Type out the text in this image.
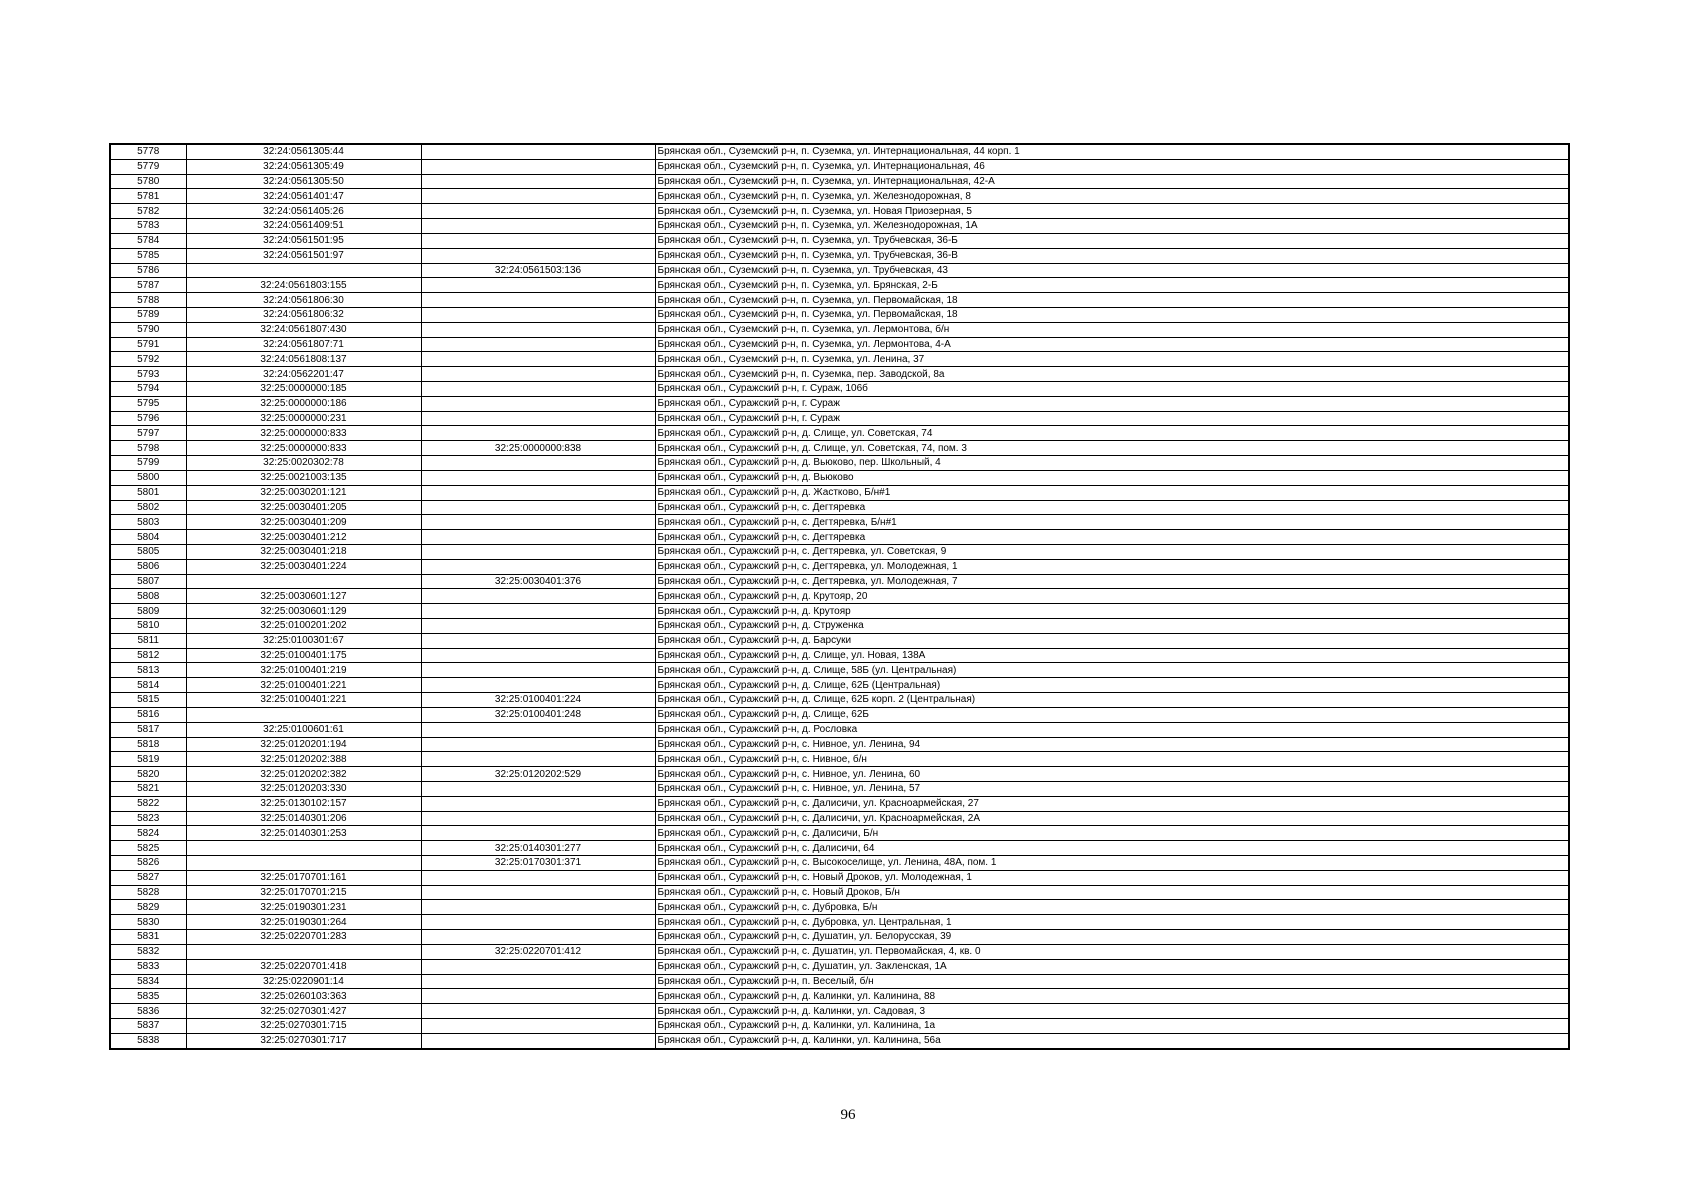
5778	32:24:0561305:44		Брянская обл., Суземский р-н, п. Суземка, ул. Интернациональная, 44 корп. 1
5779	32:24:0561305:49		Брянская обл., Суземский р-н, п. Суземка, ул. Интернациональная, 46
5780	32:24:0561305:50		Брянская обл., Суземский р-н, п. Суземка, ул. Интернациональная, 42-А
5781	32:24:0561401:47		Брянская обл., Суземский р-н, п. Суземка, ул. Железнодорожная, 8
5782	32:24:0561405:26		Брянская обл., Суземский р-н, п. Суземка, ул. Новая Приозерная, 5
5783	32:24:0561409:51		Брянская обл., Суземский р-н, п. Суземка, ул. Железнодорожная, 1А
5784	32:24:0561501:95		Брянская обл., Суземский р-н, п. Суземка, ул. Трубчевская, 36-Б
5785	32:24:0561501:97		Брянская обл., Суземский р-н, п. Суземка, ул. Трубчевская, 36-В
5786		32:24:0561503:136	Брянская обл., Суземский р-н, п. Суземка, ул. Трубчевская, 43
5787	32:24:0561803:155		Брянская обл., Суземский р-н, п. Суземка, ул. Брянская, 2-Б
5788	32:24:0561806:30		Брянская обл., Суземский р-н, п. Суземка, ул. Первомайская, 18
5789	32:24:0561806:32		Брянская обл., Суземский р-н, п. Суземка, ул. Первомайская, 18
5790	32:24:0561807:430		Брянская обл., Суземский р-н, п. Суземка, ул. Лермонтова, б/н
5791	32:24:0561807:71		Брянская обл., Суземский р-н, п. Суземка, ул. Лермонтова, 4-А
5792	32:24:0561808:137		Брянская обл., Суземский р-н, п. Суземка, ул. Ленина, 37
5793	32:24:0562201:47		Брянская обл., Суземский р-н, п. Суземка, пер. Заводской, 8а
5794	32:25:0000000:185		Брянская обл., Суражский р-н, г. Сураж, 106б
5795	32:25:0000000:186		Брянская обл., Суражский р-н, г. Сураж
5796	32:25:0000000:231		Брянская обл., Суражский р-н, г. Сураж
5797	32:25:0000000:833		Брянская обл., Суражский р-н, д. Слище, ул. Советская, 74
5798	32:25:0000000:833	32:25:0000000:838	Брянская обл., Суражский р-н, д. Слище, ул. Советская, 74, пом. 3
5799	32:25:0020302:78		Брянская обл., Суражский р-н, д. Вьюково, пер. Школьный, 4
5800	32:25:0021003:135		Брянская обл., Суражский р-н, д. Вьюково
5801	32:25:0030201:121		Брянская обл., Суражский р-н, д. Жастково, Б/н#1
5802	32:25:0030401:205		Брянская обл., Суражский р-н, с. Дегтяревка
5803	32:25:0030401:209		Брянская обл., Суражский р-н, с. Дегтяревка, Б/н#1
5804	32:25:0030401:212		Брянская обл., Суражский р-н, с. Дегтяревка
5805	32:25:0030401:218		Брянская обл., Суражский р-н, с. Дегтяревка, ул. Советская, 9
5806	32:25:0030401:224		Брянская обл., Суражский р-н, с. Дегтяревка, ул. Молодежная, 1
5807		32:25:0030401:376	Брянская обл., Суражский р-н, с. Дегтяревка, ул. Молодежная, 7
5808	32:25:0030601:127		Брянская обл., Суражский р-н, д. Крутояр, 20
5809	32:25:0030601:129		Брянская обл., Суражский р-н, д. Крутояр
5810	32:25:0100201:202		Брянская обл., Суражский р-н, д. Струженка
5811	32:25:0100301:67		Брянская обл., Суражский р-н, д. Барсуки
5812	32:25:0100401:175		Брянская обл., Суражский р-н, д. Слище, ул. Новая, 138А
5813	32:25:0100401:219		Брянская обл., Суражский р-н, д. Слище, 58Б (ул. Центральная)
5814	32:25:0100401:221		Брянская обл., Суражский р-н, д. Слище, 62Б (Центральная)
5815	32:25:0100401:221	32:25:0100401:224	Брянская обл., Суражский р-н, д. Слище, 62Б корп. 2 (Центральная)
5816		32:25:0100401:248	Брянская обл., Суражский р-н, д. Слище, 62Б
5817	32:25:0100601:61		Брянская обл., Суражский р-н, д. Рословка
5818	32:25:0120201:194		Брянская обл., Суражский р-н, с. Нивное, ул. Ленина, 94
5819	32:25:0120202:388		Брянская обл., Суражский р-н, с. Нивное, б/н
5820	32:25:0120202:382	32:25:0120202:529	Брянская обл., Суражский р-н, с. Нивное, ул. Ленина, 60
5821	32:25:0120203:330		Брянская обл., Суражский р-н, с. Нивное, ул. Ленина, 57
5822	32:25:0130102:157		Брянская обл., Суражский р-н, с. Далисичи, ул. Красноармейская, 27
5823	32:25:0140301:206		Брянская обл., Суражский р-н, с. Далисичи, ул. Красноармейская, 2А
5824	32:25:0140301:253		Брянская обл., Суражский р-н, с. Далисичи, Б/н
5825		32:25:0140301:277	Брянская обл., Суражский р-н, с. Далисичи, 64
5826		32:25:0170301:371	Брянская обл., Суражский р-н, с. Высокоселище, ул. Ленина, 48А, пом. 1
5827	32:25:0170701:161		Брянская обл., Суражский р-н, с. Новый Дроков, ул. Молодежная, 1
5828	32:25:0170701:215		Брянская обл., Суражский р-н, с. Новый Дроков, Б/н
5829	32:25:0190301:231		Брянская обл., Суражский р-н, с. Дубровка, Б/н
5830	32:25:0190301:264		Брянская обл., Суражский р-н, с. Дубровка, ул. Центральная, 1
5831	32:25:0220701:283		Брянская обл., Суражский р-н, с. Душатин, ул. Белорусская, 39
5832		32:25:0220701:412	Брянская обл., Суражский р-н, с. Душатин, ул. Первомайская, 4, кв. 0
5833	32:25:0220701:418		Брянская обл., Суражский р-н, с. Душатин, ул. Закленская, 1А
5834	32:25:0220901:14		Брянская обл., Суражский р-н, п. Веселый, б/н
5835	32:25:0260103:363		Брянская обл., Суражский р-н, д. Калинки, ул. Калинина, 88
5836	32:25:0270301:427		Брянская обл., Суражский р-н, д. Калинки, ул. Садовая, 3
5837	32:25:0270301:715		Брянская обл., Суражский р-н, д. Калинки, ул. Калинина, 1а
5838	32:25:0270301:717		Брянская обл., Суражский р-н, д. Калинки, ул. Калинина, 56а
96
